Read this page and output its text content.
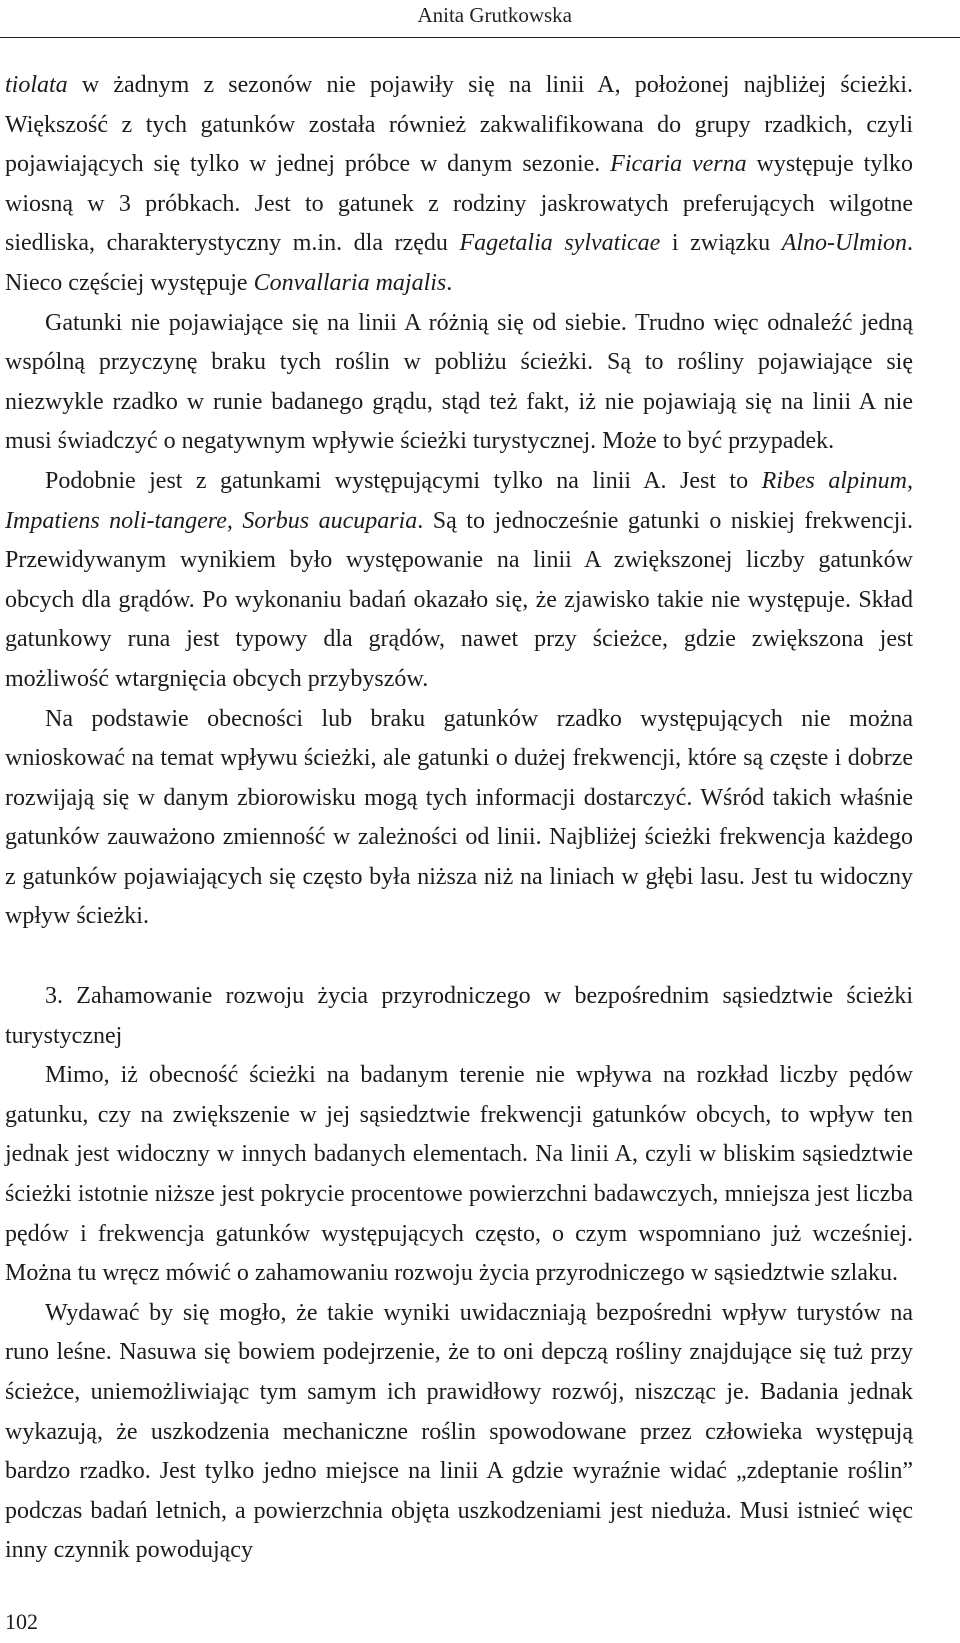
Anita Grutkowska

tiolata w żadnym z sezonów nie pojawiły się na linii A, położonej najbliżej ścieżki. Większość z tych gatunków została również zakwalifikowana do grupy rzadkich, czyli pojawiających się tylko w jednej próbce w danym sezonie. Ficaria verna występuje tylko wiosną w 3 próbkach. Jest to gatunek z rodziny jaskrowatych preferujących wilgotne siedliska, charakterystyczny m.in. dla rzędu Fagetalia sylvaticae i związku Alno-Ulmion. Nieco częściej występuje Convallaria majalis.

Gatunki nie pojawiające się na linii A różnią się od siebie. Trudno więc odnaleźć jedną wspólną przyczynę braku tych roślin w pobliżu ścieżki. Są to rośliny pojawiające się niezwykle rzadko w runie badanego grądu, stąd też fakt, iż nie pojawiają się na linii A nie musi świadczyć o negatywnym wpływie ścieżki turystycznej. Może to być przypadek.

Podobnie jest z gatunkami występującymi tylko na linii A. Jest to Ribes alpinum, Impatiens noli-tangere, Sorbus aucuparia. Są to jednocześnie gatunki o niskiej frekwencji. Przewidywanym wynikiem było występowanie na linii A zwiększonej liczby gatunków obcych dla grądów. Po wykonaniu badań okazało się, że zjawisko takie nie występuje. Skład gatunkowy runa jest typowy dla grądów, nawet przy ścieżce, gdzie zwiększona jest możliwość wtargnięcia obcych przybyszów.

Na podstawie obecności lub braku gatunków rzadko występujących nie można wnioskować na temat wpływu ścieżki, ale gatunki o dużej frekwencji, które są częste i dobrze rozwijają się w danym zbiorowisku mogą tych informacji dostarczyć. Wśród takich właśnie gatunków zauważono zmienność w zależności od linii. Najbliżej ścieżki frekwencja każdego z gatunków pojawiających się często była niższa niż na liniach w głębi lasu. Jest tu widoczny wpływ ścieżki.

3. Zahamowanie rozwoju życia przyrodniczego w bezpośrednim sąsiedztwie ścieżki turystycznej

Mimo, iż obecność ścieżki na badanym terenie nie wpływa na rozkład liczby pędów gatunku, czy na zwiększenie w jej sąsiedztwie frekwencji gatunków obcych, to wpływ ten jednak jest widoczny w innych badanych elementach. Na linii A, czyli w bliskim sąsiedztwie ścieżki istotnie niższe jest pokrycie procentowe powierzchni badawczych, mniejsza jest liczba pędów i frekwencja gatunków występujących często, o czym wspomniano już wcześniej. Można tu wręcz mówić o zahamowaniu rozwoju życia przyrodniczego w sąsiedztwie szlaku.

Wydawać by się mogło, że takie wyniki uwidaczniają bezpośredni wpływ turystów na runo leśne. Nasuwa się bowiem podejrzenie, że to oni depczą rośliny znajdujące się tuż przy ścieżce, uniemożliwiając tym samym ich prawidłowy rozwój, niszcząc je. Badania jednak wykazują, że uszkodzenia mechaniczne roślin spowodowane przez człowieka występują bardzo rzadko. Jest tylko jedno miejsce na linii A gdzie wyraźnie widać „zdeptanie roślin” podczas badań letnich, a powierzchnia objęta uszkodzeniami jest nieduża. Musi istnieć więc inny czynnik powodujący

102
